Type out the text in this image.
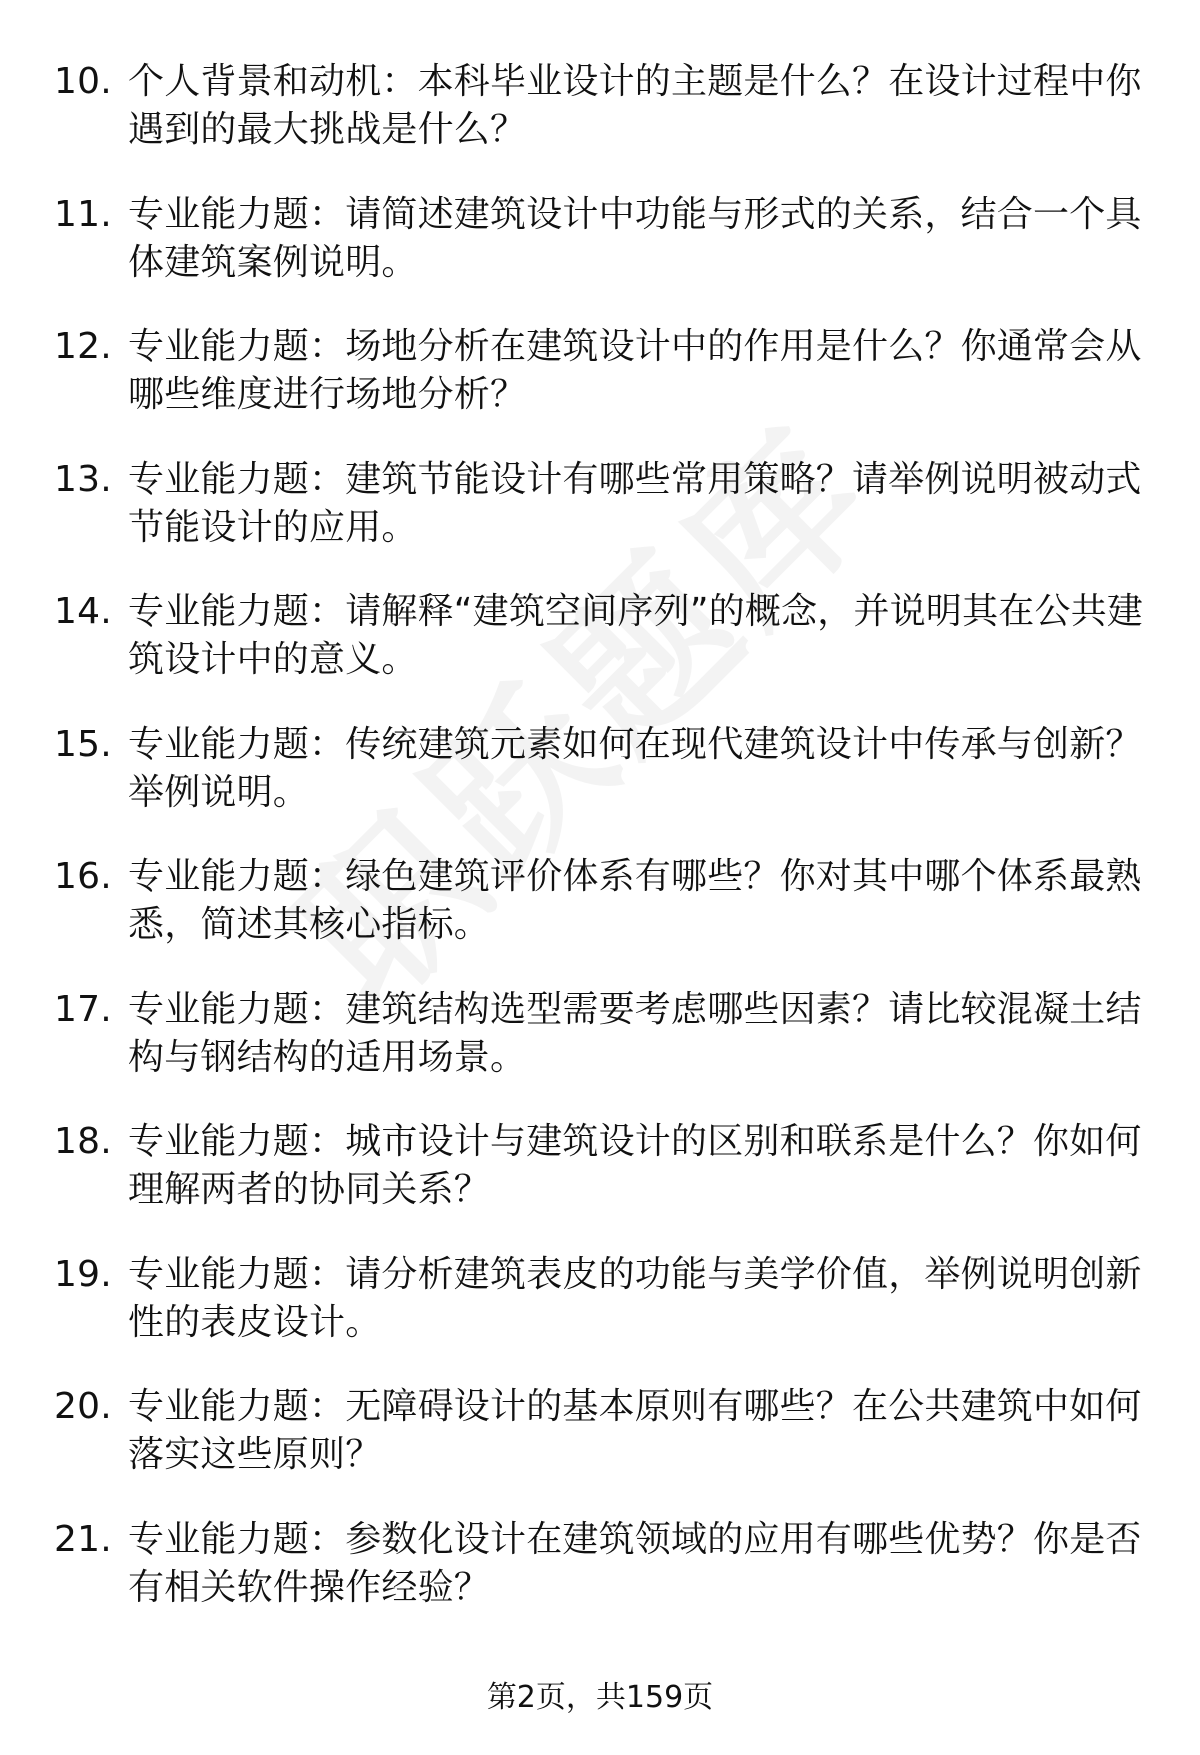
10. 个人背景和动机：本科毕业设计的主题是什么？在设计过程中你遇到的最大挑战是什么？
11. 专业能力题：请简述建筑设计中功能与形式的关系，结合一个具体建筑案例说明。
12. 专业能力题：场地分析在建筑设计中的作用是什么？你通常会从哪些维度进行场地分析？
13. 专业能力题：建筑节能设计有哪些常用策略？请举例说明被动式节能设计的应用。
14. 专业能力题：请解释“建筑空间序列”的概念，并说明其在公共建筑设计中的意义。
15. 专业能力题：传统建筑元素如何在现代建筑设计中传承与创新？举例说明。
16. 专业能力题：绿色建筑评价体系有哪些？你对其中哪个体系最熟悉，简述其核心指标。
17. 专业能力题：建筑结构选型需要考虑哪些因素？请比较混凝土结构与钢结构的适用场景。
18. 专业能力题：城市设计与建筑设计的区别和联系是什么？你如何理解两者的协同关系？
19. 专业能力题：请分析建筑表皮的功能与美学价值，举例说明创新性的表皮设计。
20. 专业能力题：无障碍设计的基本原则有哪些？在公共建筑中如何落实这些原则？
21. 专业能力题：参数化设计在建筑领域的应用有哪些优势？你是否有相关软件操作经验？
第2页，共159页
